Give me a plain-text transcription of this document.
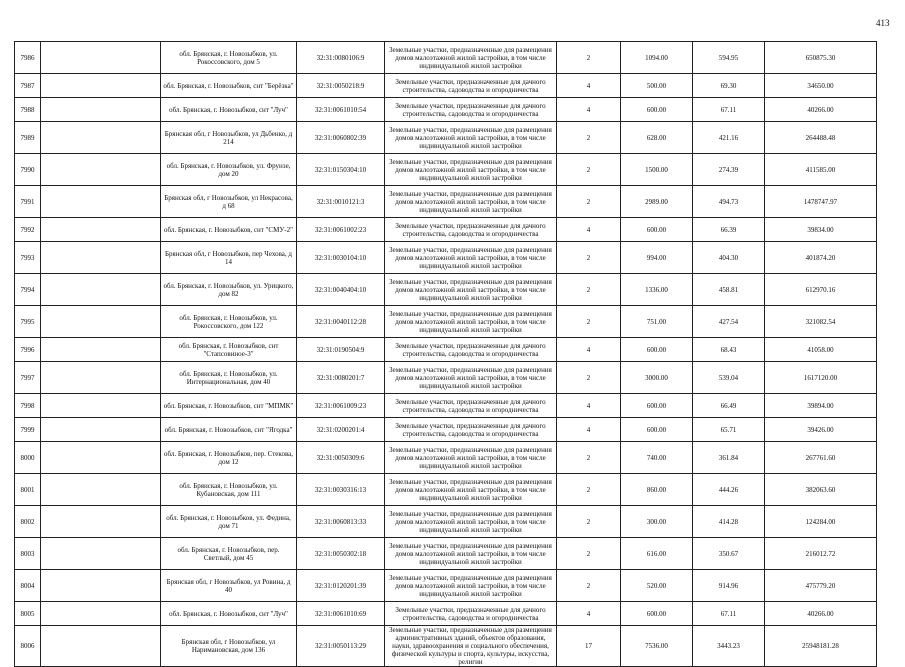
413
7986		обл. Брянская, г. Новозыбков, ул. Рокоссовского, дом 5	32:31:0080106:9	Земельные участки, предназначенные для размещения домов малоэтажной жилой застройки, в том числе индивидуальной жилой застройки	2	1094.00	594.95	650875.30
7987		обл. Брянская, г. Новозыбков, снт "Берёзка"	32:31:0050218:9	Земельные участки, предназначенные для дачного строительства, садоводства и огородничества	4	500.00	69.30	34650.00
7988		обл. Брянская, г. Новозыбков, снт "Луч"	32:31:0061010:54	Земельные участки, предназначенные для дачного строительства, садоводства и огородничества	4	600.00	67.11	40266.00
7989		Брянская обл, г Новозыбков, ул Дьбенко, д 214	32:31:0060802:39	Земельные участки, предназначенные для размещения домов малоэтажной жилой застройки, в том числе индивидуальной жилой застройки	2	628.00	421.16	264488.48
7990		обл. Брянская, г. Новозыбков, ул. Фрунзе, дом 20	32:31:0150304:10	Земельные участки, предназначенные для размещения домов малоэтажной жилой застройки, в том числе индивидуальной жилой застройки	2	1500.00	274.39	411585.00
7991		Брянская обл, г Новозыбков, ул Некрасова, д 68	32:31:0010121:3	Земельные участки, предназначенные для размещения домов малоэтажной жилой застройки, в том числе индивидуальной жилой застройки	2	2989.00	494.73	1478747.97
7992		обл. Брянская, г. Новозыбков, снт "СМУ-2"	32:31:0061002:23	Земельные участки, предназначенные для дачного строительства, садоводства и огородничества	4	600.00	66.39	39834.00
7993		Брянская обл, г Новозыбков, пер Чехова, д 14	32:31:0030104:10	Земельные участки, предназначенные для размещения домов малоэтажной жилой застройки, в том числе индивидуальной жилой застройки	2	994.00	404.30	401874.20
7994		обл. Брянская, г. Новозыбков, ул. Урицкого, дом 82	32:31:0040404:10	Земельные участки, предназначенные для размещения домов малоэтажной жилой застройки, в том числе индивидуальной жилой застройки	2	1336.00	458.81	612970.16
7995		обл. Брянская, г. Новозыбков, ул. Рокоссовского, дом 122	32:31:0040112:28	Земельные участки, предназначенные для размещения домов малоэтажной жилой застройки, в том числе индивидуальной жилой застройки	2	751.00	427.54	321082.54
7996		обл. Брянская, г. Новозыбков, снт "Стапсовиное-3"	32:31:0190504:9	Земельные участки, предназначенные для дачного строительства, садоводства и огородничества	4	600.00	68.43	41058.00
7997		обл. Брянская, г. Новозыбков, ул. Интернациональная, дом 40	32:31:0080201:7	Земельные участки, предназначенные для размещения домов малоэтажной жилой застройки, в том числе индивидуальной жилой застройки	2	3000.00	539.04	1617120.00
7998		обл. Брянская, г. Новозыбков, снт "МПМК"	32:31:0061009:23	Земельные участки, предназначенные для дачного строительства, садоводства и огородничества	4	600.00	66.49	39894.00
7999		обл. Брянская, г. Новозыбков, снт "Ягодка"	32:31:0200201:4	Земельные участки, предназначенные для дачного строительства, садоводства и огородничества	4	600.00	65.71	39426.00
8000		обл. Брянская, г. Новозыбков, пер. Стекова, дом 12	32:31:0050309:6	Земельные участки, предназначенные для размещения домов малоэтажной жилой застройки, в том числе индивидуальной жилой застройки	2	740.00	361.84	267761.60
8001		обл. Брянская, г. Новозыбков, ул. Кубановская, дом 111	32:31:0030316:13	Земельные участки, предназначенные для размещения домов малоэтажной жилой застройки, в том числе индивидуальной жилой застройки	2	860.00	444.26	382063.60
8002		обл. Брянская, г. Новозыбков, ул. Федина, дом 71	32:31:0060813:33	Земельные участки, предназначенные для размещения домов малоэтажной жилой застройки, в том числе индивидуальной жилой застройки	2	300.00	414.28	124284.00
8003		обл. Брянская, г. Новозыбков, пер. Светлый, дом 45	32:31:0050302:18	Земельные участки, предназначенные для размещения домов малоэтажной жилой застройки, в том числе индивидуальной жилой застройки	2	616.00	350.67	216012.72
8004		Брянская обл, г Новозыбков, ул Ровина, д 40	32:31:0120201:39	Земельные участки, предназначенные для размещения домов малоэтажной жилой застройки, в том числе индивидуальной жилой застройки	2	520.00	914.96	475779.20
8005		обл. Брянская, г. Новозыбков, снт "Луч"	32:31:0061010:69	Земельные участки, предназначенные для дачного строительства, садоводства и огородничества	4	600.00	67.11	40266.00
8006		Брянская обл, г Новозыбков, ул Наримановская, дом 136	32:31:0050113:29	Земельные участки, предназначенные для размещения административных зданий, объектов образования, науки, здравоохранения и социального обеспечения, физической культуры и спорта, культуры, искусства, религии	17	7536.00	3443.23	25948181.28
